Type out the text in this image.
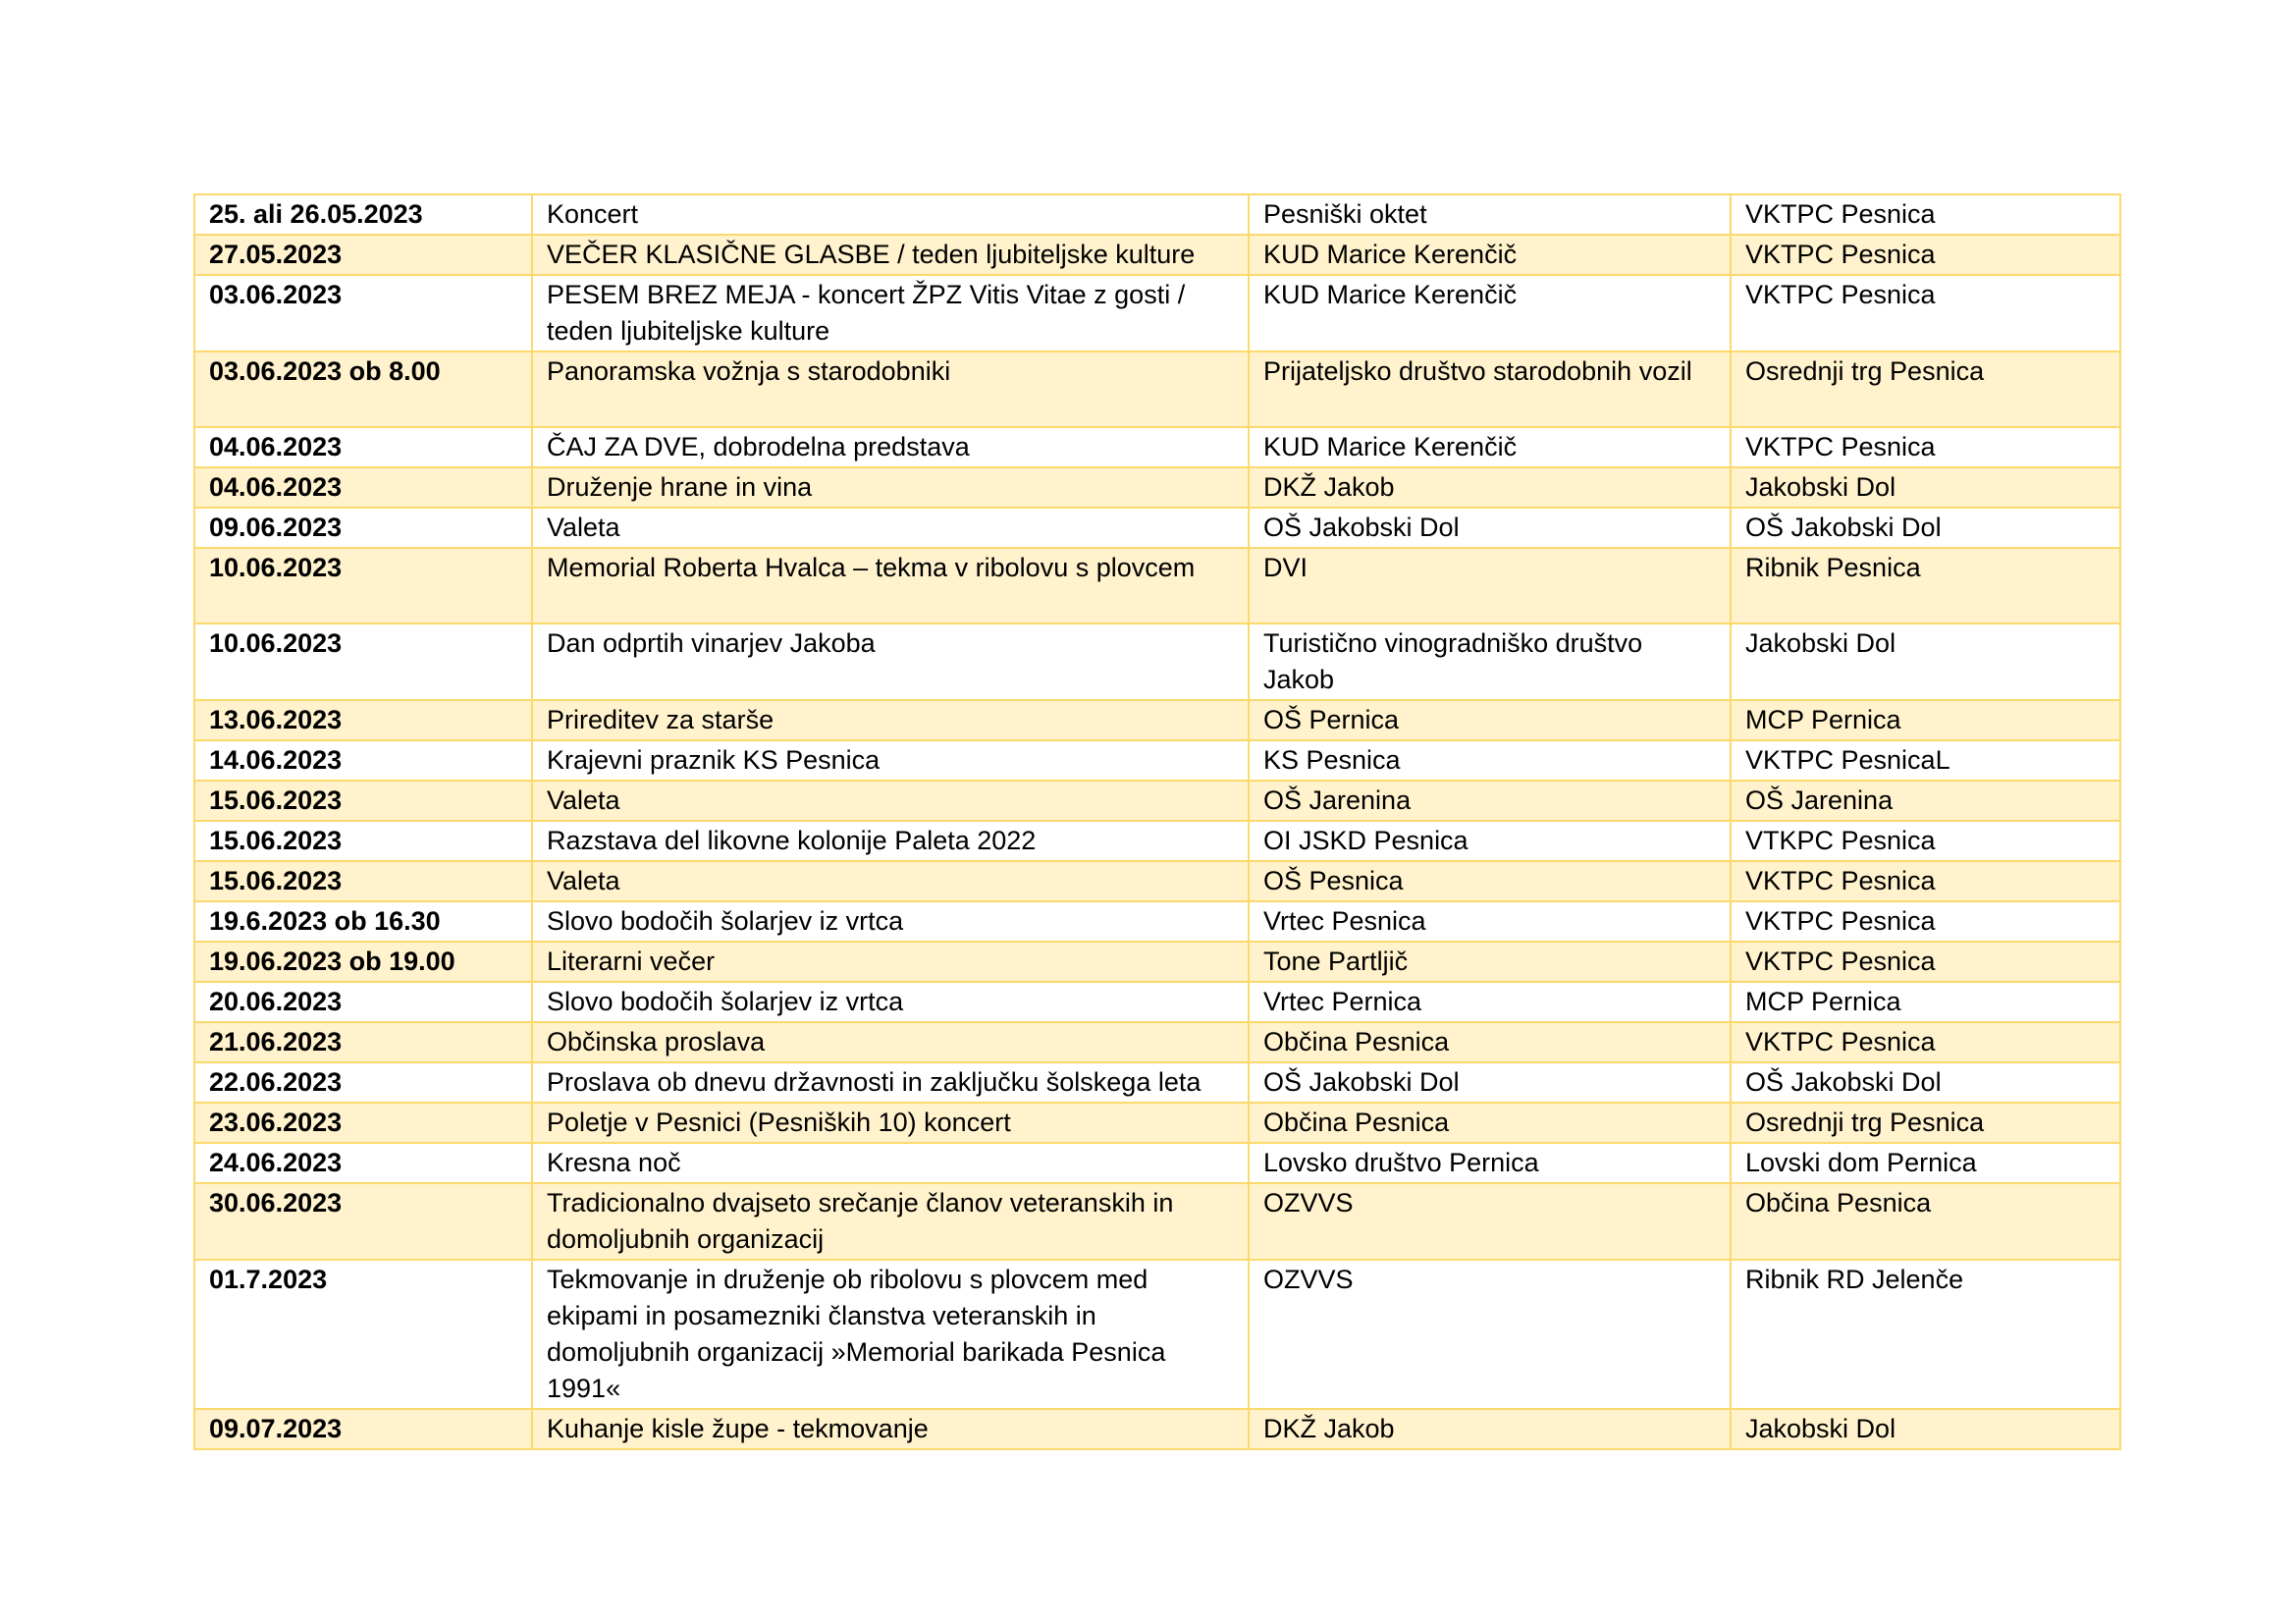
25. ali 26.05.2023	Koncert	Pesniški oktet	VKTPC Pesnica
27.05.2023	VEČER KLASIČNE GLASBE / teden ljubiteljske kulture	KUD Marice Kerenčič	VKTPC Pesnica
03.06.2023	PESEM BREZ MEJA - koncert ŽPZ Vitis Vitae z gosti / teden ljubiteljske kulture	KUD Marice Kerenčič	VKTPC Pesnica
03.06.2023 ob 8.00	Panoramska vožnja s starodobniki	Prijateljsko društvo starodobnih vozil	Osrednji trg Pesnica
04.06.2023	ČAJ ZA DVE, dobrodelna predstava	KUD Marice Kerenčič	VKTPC Pesnica
04.06.2023	Druženje hrane in vina	DKŽ Jakob	Jakobski Dol
09.06.2023	Valeta	OŠ Jakobski Dol	OŠ Jakobski Dol
10.06.2023	Memorial Roberta Hvalca – tekma v ribolovu s plovcem	DVI	Ribnik Pesnica
10.06.2023	Dan odprtih vinarjev Jakoba	Turistično vinogradniško društvo Jakob	Jakobski Dol
13.06.2023	Prireditev za starše	OŠ Pernica	MCP Pernica
14.06.2023	Krajevni praznik KS Pesnica	KS Pesnica	VKTPC PesnicaL
15.06.2023	Valeta	OŠ Jarenina	OŠ Jarenina
15.06.2023	Razstava del likovne kolonije Paleta 2022	OI JSKD Pesnica	VTKPC Pesnica
15.06.2023	Valeta	OŠ Pesnica	VKTPC Pesnica
19.6.2023 ob 16.30	Slovo bodočih šolarjev iz vrtca	Vrtec Pesnica	VKTPC Pesnica
19.06.2023 ob 19.00	Literarni večer	Tone Partljič	VKTPC Pesnica
20.06.2023	Slovo bodočih šolarjev iz vrtca	Vrtec Pernica	MCP Pernica
21.06.2023	Občinska proslava	Občina Pesnica	VKTPC Pesnica
22.06.2023	Proslava ob dnevu državnosti in zaključku šolskega leta	OŠ Jakobski Dol	OŠ Jakobski Dol
23.06.2023	Poletje v Pesnici (Pesniških 10) koncert	Občina Pesnica	Osrednji trg Pesnica
24.06.2023	Kresna noč	Lovsko društvo Pernica	Lovski dom Pernica
30.06.2023	Tradicionalno dvajseto srečanje članov veteranskih in domoljubnih organizacij	OZVVS	Občina Pesnica
01.7.2023	Tekmovanje in druženje ob ribolovu s plovcem med ekipami in posamezniki članstva veteranskih in domoljubnih organizacij »Memorial barikada Pesnica 1991«	OZVVS	Ribnik RD Jelenče
09.07.2023	Kuhanje kisle župe - tekmovanje	DKŽ Jakob	Jakobski Dol
